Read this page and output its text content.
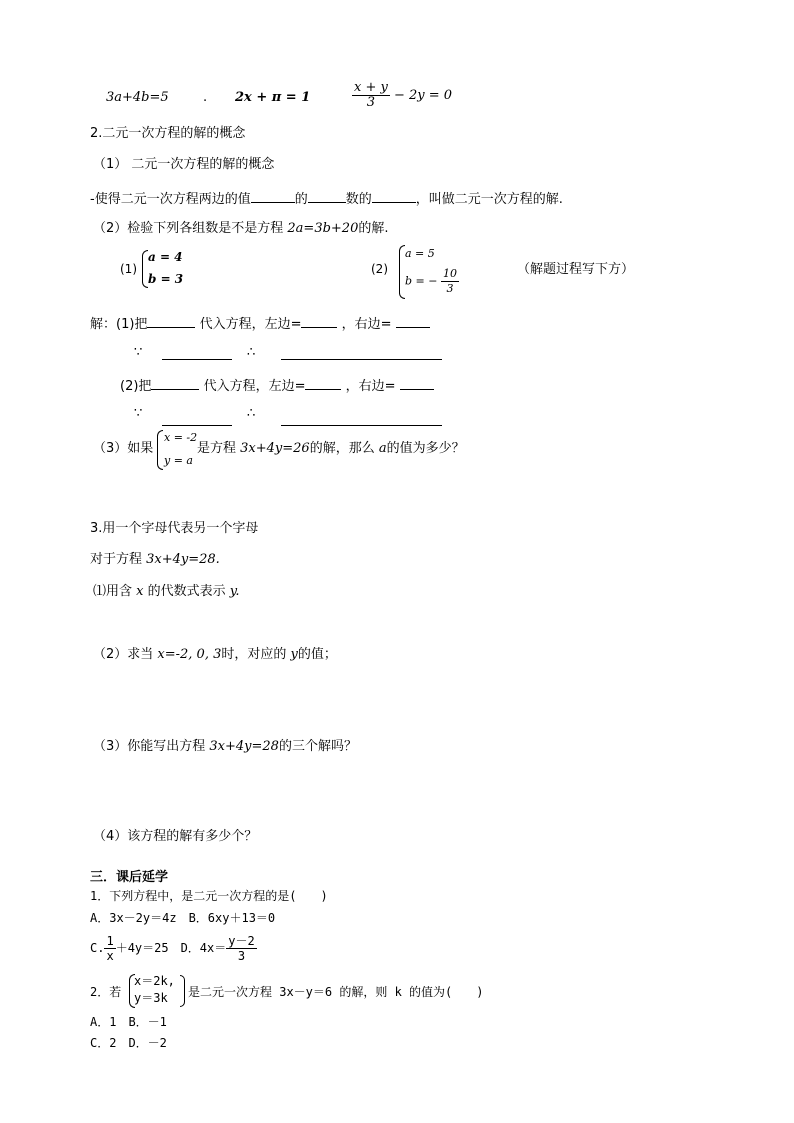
3a+4b=5	. 2x + π = 1	$\frac{x + y}{3} - 2y = 0$
2.二元一次方程的解的概念
（1） 二元一次方程的解的概念
-使得二元一次方程两边的值	的	数的	，叫做二元一次方程的解.
（2）检验下列各组数是不是方程 2a=3b+20的解.
(1)
a = 4
b = 3
(2)
a = 5
b = − $\frac{10}{3}$	（解题过程写下方）
解：(1)把	代入方程，左边=	，右边=
∵	∴
(2)把	代入方程，左边=	，右边=
∵	∴
（3）如果
x = -2
y = a
是方程 3x+4y=26的解，那么 a的值为多少？
3.用一个字母代表另一个字母
对于方程 3x+4y=28.
⑴用含 x 的代数式表示 y.
（2）求当 x=-2, 0, 3时，对应的 y的值；
（3）你能写出方程 3x+4y=28的三个解吗？
（4）该方程的解有多少个？
三．课后延学
1．下列方程中，是二元一次方程的是(　　)
A．3x－2y＝4z　B．6xy＋13＝0
C. $\frac{1}{x} +4y=25$　D．$4x= \frac{y-2}{3}$
2．若
x＝2k,
y＝3k 是二元一次方程 3x－y＝6 的解，则 k 的值为(　　)
A．1　B．－1
C．2　D．－2
